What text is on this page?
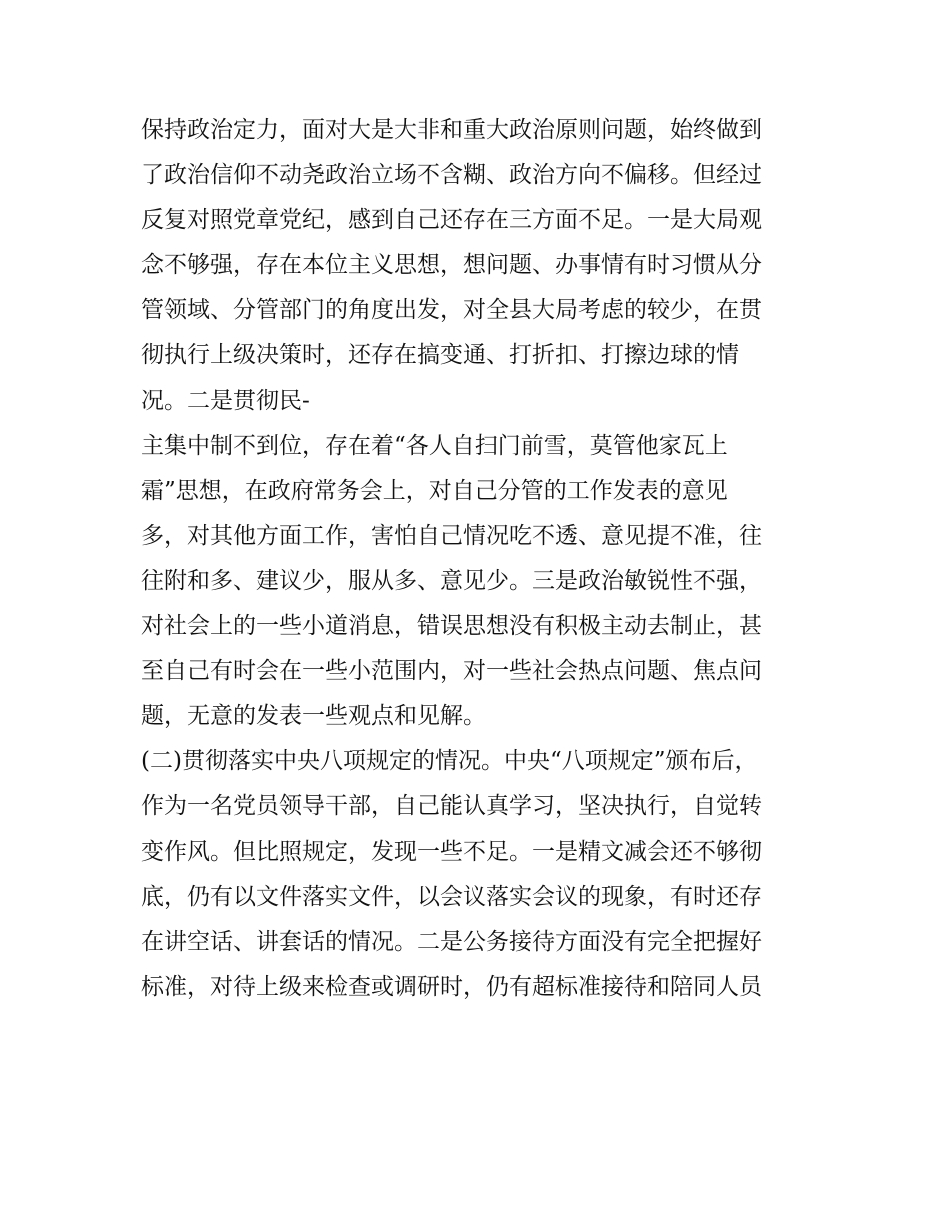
保持政治定力，面对大是大非和重大政治原则问题，始终做到
了政治信仰不动尧政治立场不含糊、政治方向不偏移。但经过
反复对照党章党纪，感到自己还存在三方面不足。一是大局观
念不够强，存在本位主义思想，想问题、办事情有时习惯从分
管领域、分管部门的角度出发，对全县大局考虑的较少，在贯
彻执行上级决策时，还存在搞变通、打折扣、打擦边球的情
况。二是贯彻民-
主集中制不到位，存在着“各人自扫门前雪，莫管他家瓦上
霜”思想，在政府常务会上，对自己分管的工作发表的意见
多，对其他方面工作，害怕自己情况吃不透、意见提不准，往
往附和多、建议少，服从多、意见少。三是政治敏锐性不强，
对社会上的一些小道消息，错误思想没有积极主动去制止，甚
至自己有时会在一些小范围内，对一些社会热点问题、焦点问
题，无意的发表一些观点和见解。
(二)贯彻落实中央八项规定的情况。中央“八项规定”颁布后，
作为一名党员领导干部，自己能认真学习，坚决执行，自觉转
变作风。但比照规定，发现一些不足。一是精文减会还不够彻
底，仍有以文件落实文件，以会议落实会议的现象，有时还存
在讲空话、讲套话的情况。二是公务接待方面没有完全把握好
标准，对待上级来检查或调研时，仍有超标准接待和陪同人员
